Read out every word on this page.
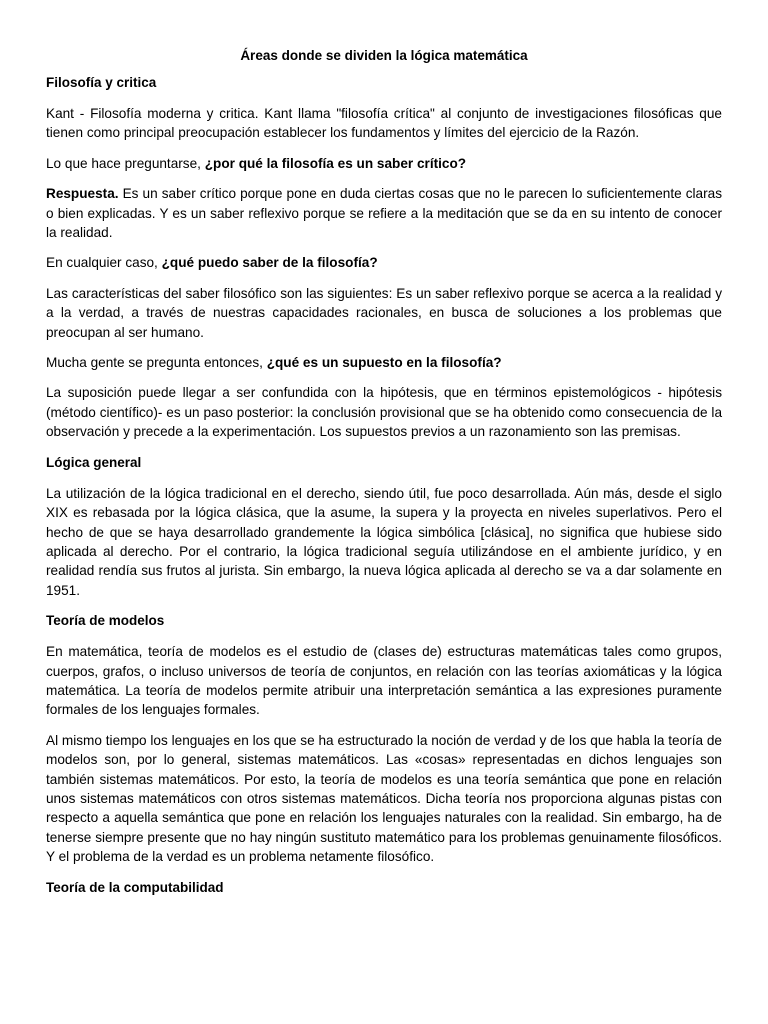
Áreas donde se dividen la lógica matemática
Filosofía y critica

Kant - Filosofía moderna y critica. Kant llama "filosofía crítica" al conjunto de investigaciones filosóficas que tienen como principal preocupación establecer los fundamentos y límites del ejercicio de la Razón.

Lo que hace preguntarse, ¿por qué la filosofía es un saber crítico?

Respuesta. Es un saber crítico porque pone en duda ciertas cosas que no le parecen lo suficientemente claras o bien explicadas. Y es un saber reflexivo porque se refiere a la meditación que se da en su intento de conocer la realidad.

En cualquier caso, ¿qué puedo saber de la filosofía?

Las características del saber filosófico son las siguientes: Es un saber reflexivo porque se acerca a la realidad y a la verdad, a través de nuestras capacidades racionales, en busca de soluciones a los problemas que preocupan al ser humano.

Mucha gente se pregunta entonces, ¿qué es un supuesto en la filosofía?

La suposición puede llegar a ser confundida con la hipótesis, que en términos epistemológicos - hipótesis (método científico)- es un paso posterior: la conclusión provisional que se ha obtenido como consecuencia de la observación y precede a la experimentación. Los supuestos previos a un razonamiento son las premisas.

Lógica general

La utilización de la lógica tradicional en el derecho, siendo útil, fue poco desarrollada. Aún más, desde el siglo XIX es rebasada por la lógica clásica, que la asume, la supera y la proyecta en niveles superlativos. Pero el hecho de que se haya desarrollado grandemente la lógica simbólica [clásica], no significa que hubiese sido aplicada al derecho. Por el contrario, la lógica tradicional seguía utilizándose en el ambiente jurídico, y en realidad rendía sus frutos al jurista. Sin embargo, la nueva lógica aplicada al derecho se va a dar solamente en 1951.

Teoría de modelos

En matemática, teoría de modelos es el estudio de (clases de) estructuras matemáticas tales como grupos, cuerpos, grafos, o incluso universos de teoría de conjuntos, en relación con las teorías axiomáticas y la lógica matemática. La teoría de modelos permite atribuir una interpretación semántica a las expresiones puramente formales de los lenguajes formales.

Al mismo tiempo los lenguajes en los que se ha estructurado la noción de verdad y de los que habla la teoría de modelos son, por lo general, sistemas matemáticos. Las «cosas» representadas en dichos lenguajes son también sistemas matemáticos. Por esto, la teoría de modelos es una teoría semántica que pone en relación unos sistemas matemáticos con otros sistemas matemáticos. Dicha teoría nos proporciona algunas pistas con respecto a aquella semántica que pone en relación los lenguajes naturales con la realidad. Sin embargo, ha de tenerse siempre presente que no hay ningún sustituto matemático para los problemas genuinamente filosóficos. Y el problema de la verdad es un problema netamente filosófico.

Teoría de la computabilidad
